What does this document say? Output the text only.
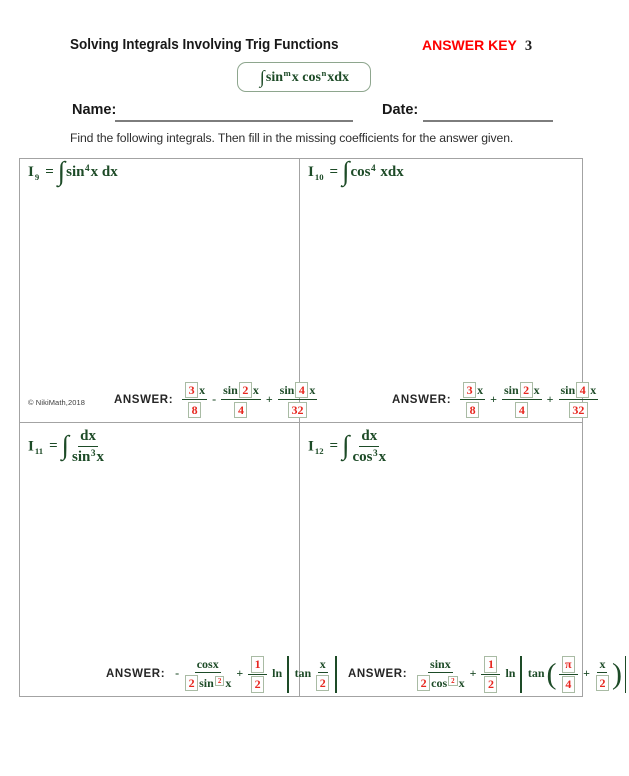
Solving Integrals Involving Trig Functions	ANSWER KEY 3
$\int\sin^mx$ $\cos^nxdx$
Name:	Date:
Find the following integrals. Then fill in the missing coefficients for the answer given.
$I_9 = \int\sin^4x$ dx
© NikiMath,2018	ANSWER: $\frac{3 x}{8} - \frac{\sin 2 x}{4} + \frac{\sin 4 x}{32}$
$I_{10} = \int\cos^4$ xdx
ANSWER: $\frac{3 x}{8} + \frac{\sin 2 x}{4} + \frac{\sin 4 x}{32}$
$I_{11}$ = ∫ $\frac{dx}{\sin^3x}$
ANSWER: - $\frac{\cos x}{2 \sin 2 x} + \frac{1}{2}$ $\ln \tan \frac{x}{2}$
$I_{12}$ = ∫ $\frac{dx}{\cos^3x}$
ANSWER: $\frac{\sin x}{2 \cos 2 x} + \frac{1}{2}$ $\ln \tan( \frac{\pi}{4} + \frac{x}{2}$ )
